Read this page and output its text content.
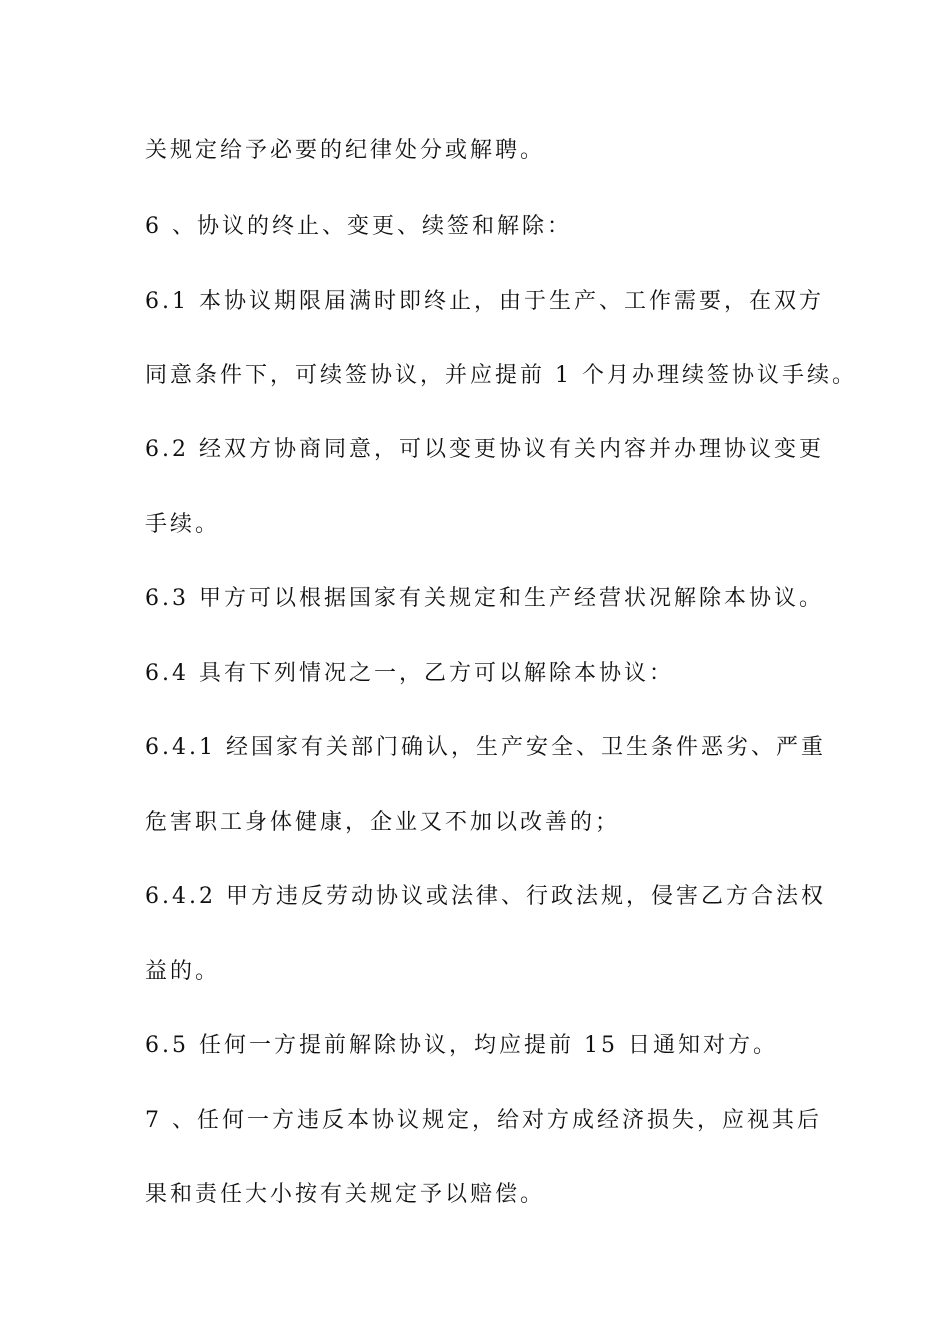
关规定给予必要的纪律处分或解聘。
6 、协议的终止、变更、续签和解除：
6.1 本协议期限届满时即终止，由于生产、工作需要，在双方
同意条件下，可续签协议，并应提前 1 个月办理续签协议手续。
6.2 经双方协商同意，可以变更协议有关内容并办理协议变更
手续。
6.3 甲方可以根据国家有关规定和生产经营状况解除本协议。
6.4 具有下列情况之一，乙方可以解除本协议：
6.4.1 经国家有关部门确认，生产安全、卫生条件恶劣、严重
危害职工身体健康，企业又不加以改善的；
6.4.2 甲方违反劳动协议或法律、行政法规，侵害乙方合法权
益的。
6.5 任何一方提前解除协议，均应提前 15 日通知对方。
7 、任何一方违反本协议规定，给对方成经济损失，应视其后
果和责任大小按有关规定予以赔偿。
